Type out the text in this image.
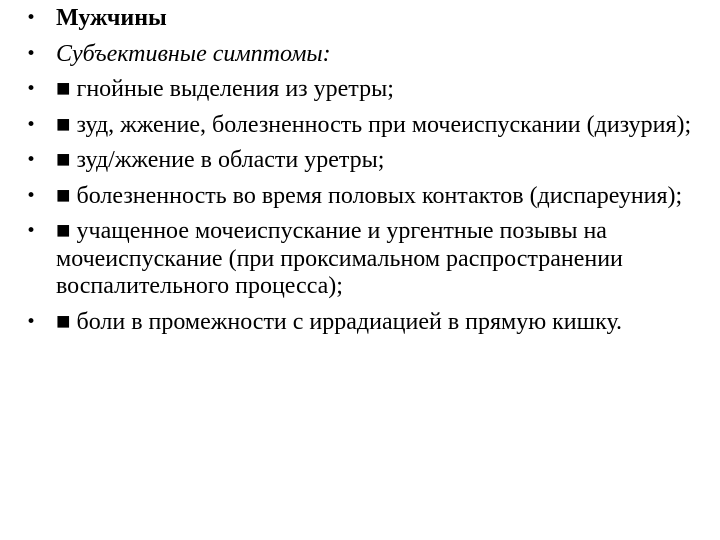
• Мужчины
• Субъективные симптомы:
• ■ гнойные выделения из уретры;
• ■ зуд, жжение, болезненность при мочеиспускании (дизурия);
• ■ зуд/жжение в области уретры;
• ■ болезненность во время половых контактов (диспареуния);
• ■ учащенное мочеиспускание и ургентные позывы на мочеиспускание (при проксимальном распространении воспалительного процесса);
• ■ боли в промежности с иррадиацией в прямую кишку.
